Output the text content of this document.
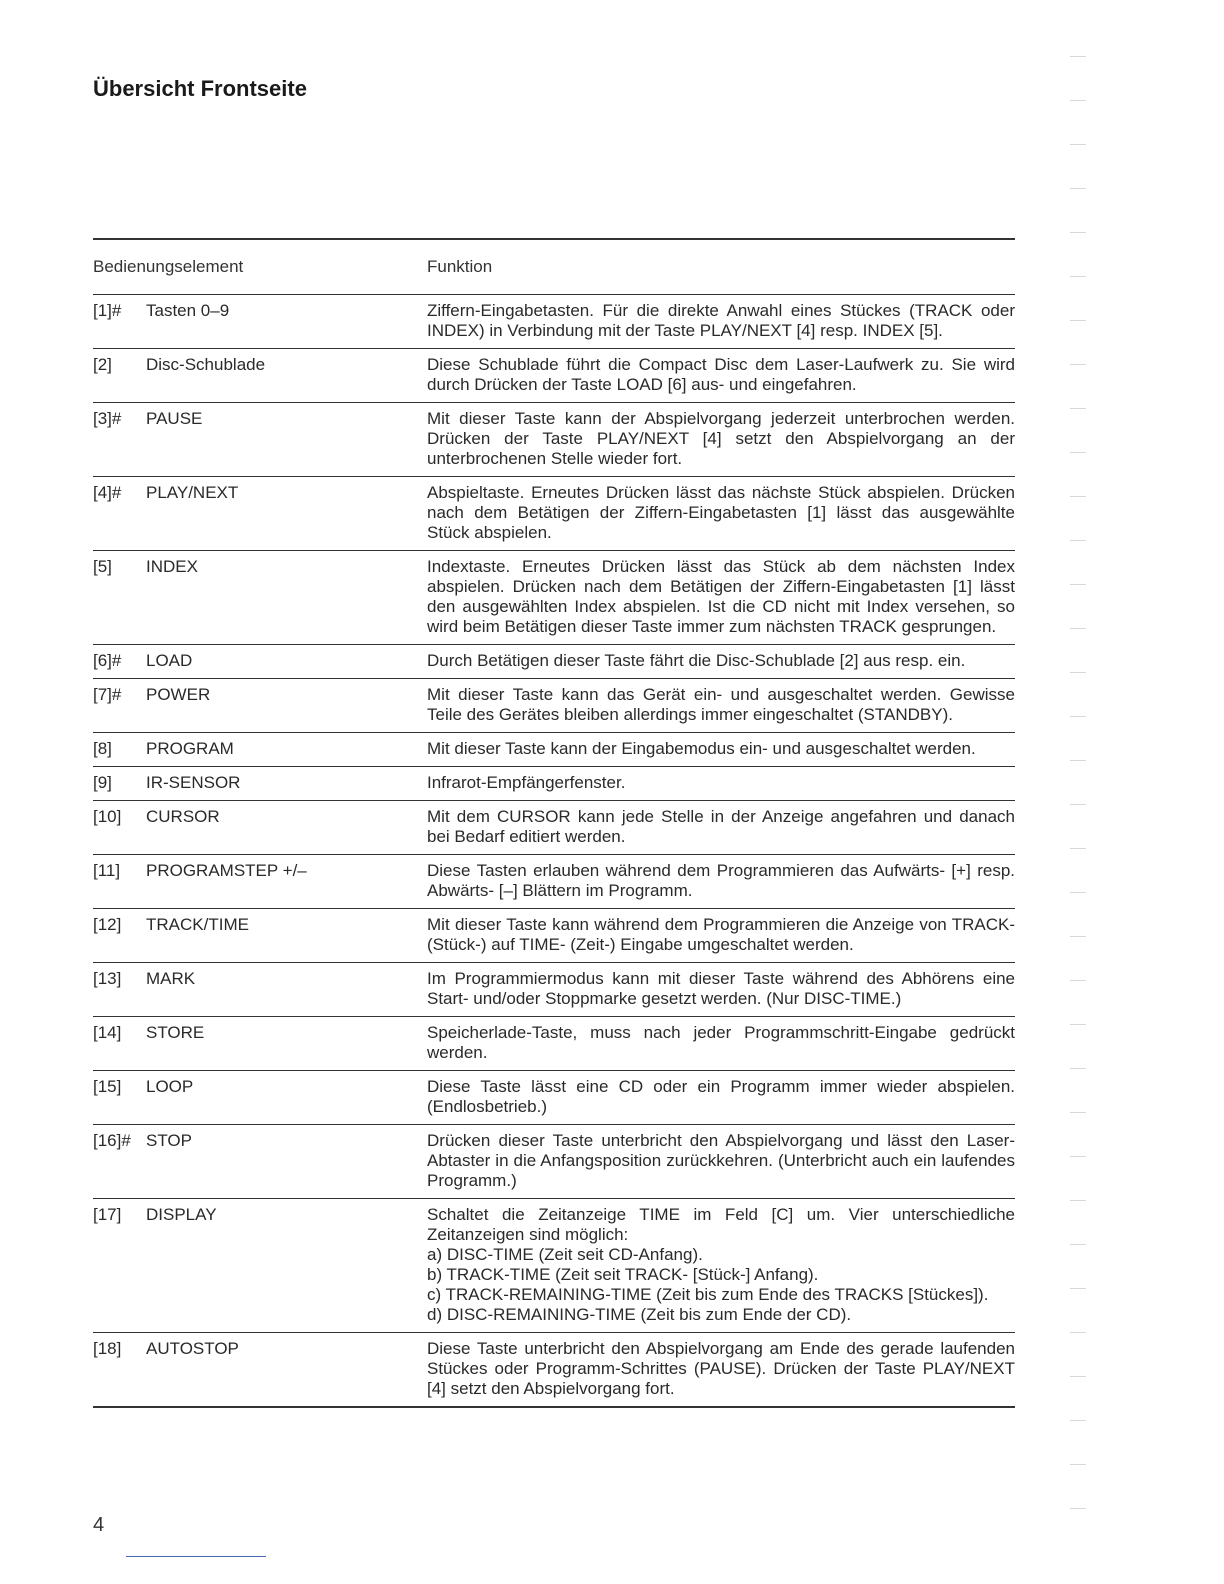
Übersicht Frontseite
Bedienungselement	Funktion
[1]#	Tasten 0–9	Ziffern-Eingabetasten. Für die direkte Anwahl eines Stückes (TRACK oder INDEX) in Verbindung mit der Taste PLAY/NEXT [4] resp. INDEX [5].
[2]	Disc-Schublade	Diese Schublade führt die Compact Disc dem Laser-Laufwerk zu. Sie wird durch Drücken der Taste LOAD [6] aus- und eingefahren.
[3]#	PAUSE	Mit dieser Taste kann der Abspielvorgang jederzeit unterbrochen werden. Drücken der Taste PLAY/NEXT [4] setzt den Abspielvorgang an der unterbrochenen Stelle wieder fort.
[4]#	PLAY/NEXT	Abspieltaste. Erneutes Drücken lässt das nächste Stück abspielen. Drücken nach dem Betätigen der Ziffern-Eingabetasten [1] lässt das ausgewählte Stück abspielen.
[5]	INDEX	Indextaste. Erneutes Drücken lässt das Stück ab dem nächsten Index abspielen. Drücken nach dem Betätigen der Ziffern-Eingabetasten [1] lässt den ausgewählten Index abspielen. Ist die CD nicht mit Index versehen, so wird beim Betätigen dieser Taste immer zum nächsten TRACK gesprungen.
[6]#	LOAD	Durch Betätigen dieser Taste fährt die Disc-Schublade [2] aus resp. ein.
[7]#	POWER	Mit dieser Taste kann das Gerät ein- und ausgeschaltet werden. Gewisse Teile des Gerätes bleiben allerdings immer eingeschaltet (STANDBY).
[8]	PROGRAM	Mit dieser Taste kann der Eingabemodus ein- und ausgeschaltet werden.
[9]	IR-SENSOR	Infrarot-Empfängerfenster.
[10]	CURSOR	Mit dem CURSOR kann jede Stelle in der Anzeige angefahren und danach bei Bedarf editiert werden.
[11]	PROGRAMSTEP +/–	Diese Tasten erlauben während dem Programmieren das Aufwärts- [+] resp. Abwärts- [–] Blättern im Programm.
[12]	TRACK/TIME	Mit dieser Taste kann während dem Programmieren die Anzeige von TRACK- (Stück-) auf TIME- (Zeit-) Eingabe umgeschaltet werden.
[13]	MARK	Im Programmiermodus kann mit dieser Taste während des Abhörens eine Start- und/oder Stoppmarke gesetzt werden. (Nur DISC-TIME.)
[14]	STORE	Speicherlade-Taste, muss nach jeder Programmschritt-Eingabe gedrückt werden.
[15]	LOOP	Diese Taste lässt eine CD oder ein Programm immer wieder abspielen. (Endlosbetrieb.)
[16]# STOP	Drücken dieser Taste unterbricht den Abspielvorgang und lässt den Laser-Abtaster in die Anfangsposition zurückkehren. (Unterbricht auch ein laufendes Programm.)
[17]	DISPLAY	Schaltet die Zeitanzeige TIME im Feld [C] um. Vier unterschiedliche Zeitanzeigen sind möglich:
a) DISC-TIME (Zeit seit CD-Anfang).
b) TRACK-TIME (Zeit seit TRACK- [Stück-] Anfang).
c) TRACK-REMAINING-TIME (Zeit bis zum Ende des TRACKS [Stückes]).
d) DISC-REMAINING-TIME (Zeit bis zum Ende der CD).
[18]	AUTOSTOP	Diese Taste unterbricht den Abspielvorgang am Ende des gerade laufenden Stückes oder Programm-Schrittes (PAUSE). Drücken der Taste PLAY/NEXT [4] setzt den Abspielvorgang fort.
4
